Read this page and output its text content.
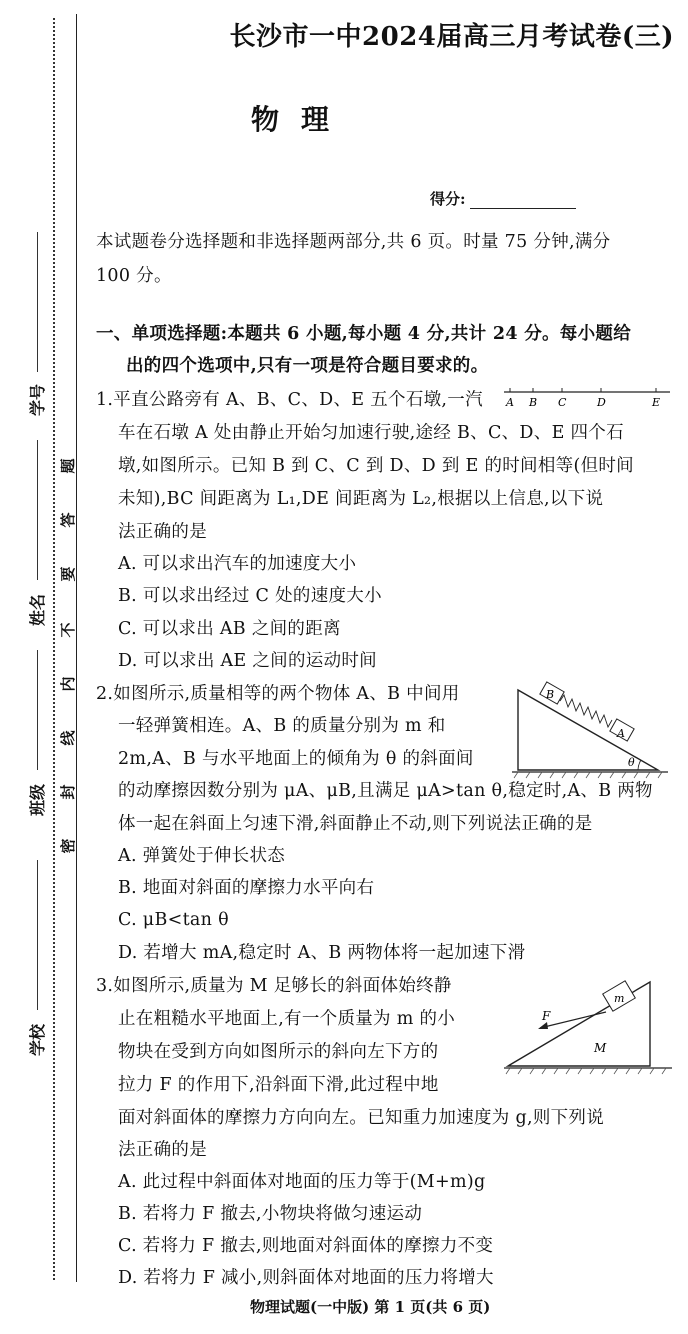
学号
姓名
班级
学校
题
答
要
不
内
线
封
密
长沙市一中2024届高三月考试卷(三)
物理
得分:
本试题卷分选择题和非选择题两部分,共 6 页。时量 75 分钟,满分
100 分。
一、单项选择题:本题共 6 小题,每小题 4 分,共计 24 分。每小题给
出的四个选项中,只有一项是符合题目要求的。
1.平直公路旁有 A、B、C、D、E 五个石墩,一汽 A B C	D	E
车在石墩 A 处由静止开始匀加速行驶,途经 B、C、D、E 四个石
墩,如图所示。已知 B 到 C、C 到 D、D 到 E 的时间相等(但时间
未知),BC 间距离为 L₁,DE 间距离为 L₂,根据以上信息,以下说
法正确的是
A. 可以求出汽车的加速度大小
B. 可以求出经过 C 处的速度大小
C. 可以求出 AB 之间的距离
D. 可以求出 AE 之间的运动时间
2.如图所示,质量相等的两个物体 A、B 中间用
一轻弹簧相连。A、B 的质量分别为 m 和
2m,A、B 与水平地面上的倾角为 θ 的斜面间
B
A
θ
的动摩擦因数分别为 μA、μB,且满足 μA>tan θ,稳定时,A、B 两物
体一起在斜面上匀速下滑,斜面静止不动,则下列说法正确的是
A. 弹簧处于伸长状态
B. 地面对斜面的摩擦力水平向右
C. μB<tan θ
D. 若增大 mA,稳定时 A、B 两物体将一起加速下滑
3.如图所示,质量为 M 足够长的斜面体始终静
止在粗糙水平地面上,有一个质量为 m 的小
物块在受到方向如图所示的斜向左下方的
拉力 F 的作用下,沿斜面下滑,此过程中地
m
F
M
面对斜面体的摩擦力方向向左。已知重力加速度为 g,则下列说
法正确的是
A. 此过程中斜面体对地面的压力等于(M+m)g
B. 若将力 F 撤去,小物块将做匀速运动
C. 若将力 F 撤去,则地面对斜面体的摩擦力不变
D. 若将力 F 减小,则斜面体对地面的压力将增大
物理试题(一中版) 第 1 页(共 6 页)
